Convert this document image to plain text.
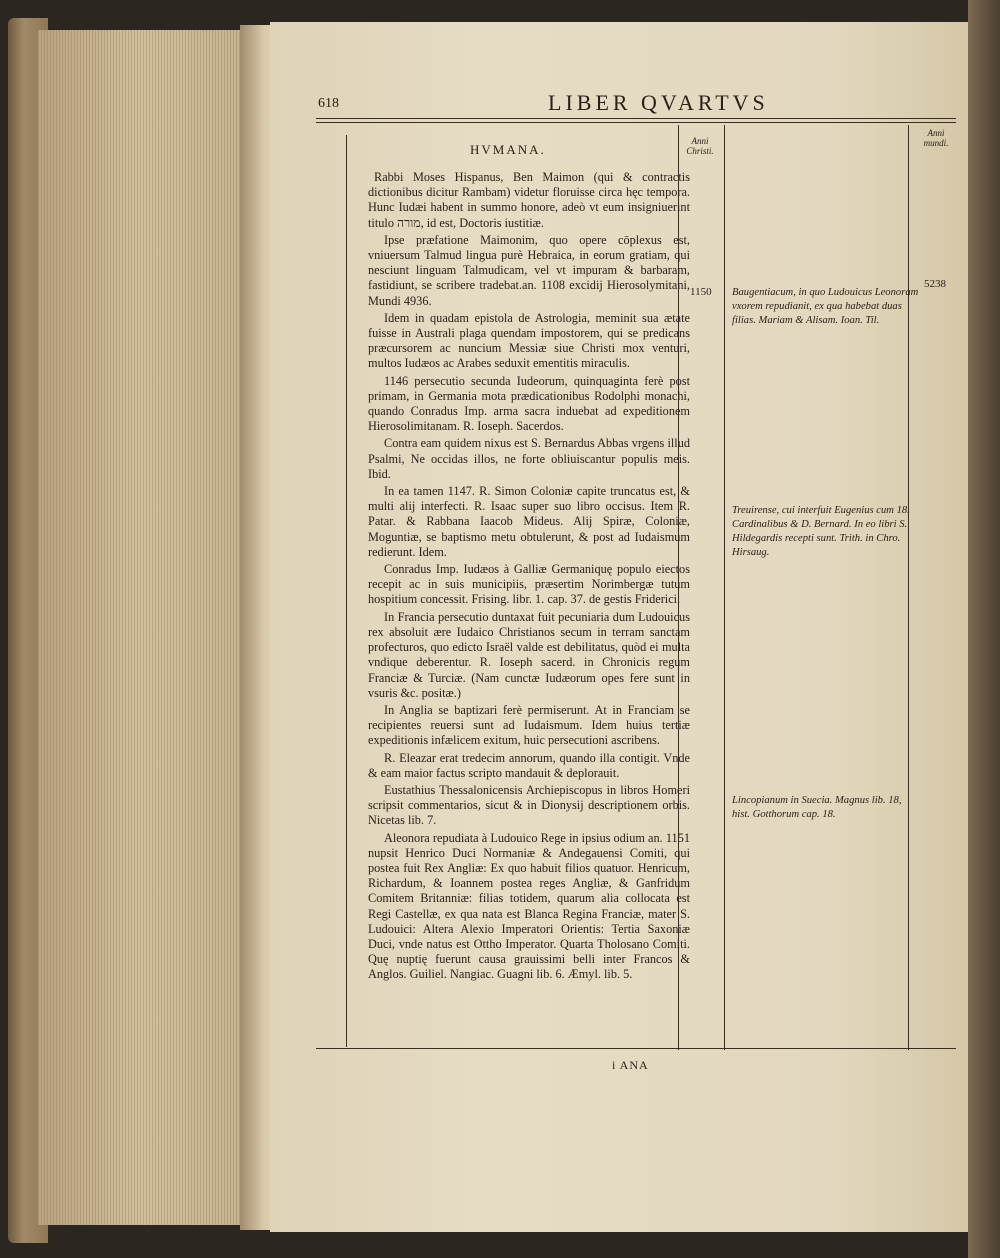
618	LIBER QVARTVS
HVMANA.
Anni Christi.
Anni mundi.
1150
5238

Rabbi Moses Hispanus, Ben Maimon (qui & contractis dictionibus dicitur Rambam) videtur floruisse circa hęc tempora. Hunc Iudæi habent in summo honore, adeò vt eum insigniuerint titulo מורה, id est, Doctoris iustitiæ.

Ipse præfatione Maimonim, quo opere cōplexus est, vniuersum Talmud lingua purè Hebraica, in eorum gratiam, qui nesciunt linguam Talmudicam, vel vt impuram & barbaram, fastidiunt, se scribere tradebat.an. 1108 excidij Hierosolymitani, Mundi 4936.

Idem in quadam epistola de Astrologia, meminit sua ætate fuisse in Australi plaga quendam impostorem, qui se predicans præcursorem ac nuncium Messiæ siue Christi mox venturi, multos Iudæos ac Arabes seduxit ementitis miraculis.

1146 persecutio secunda Iudeorum, quinquaginta ferè post primam, in Germania mota prædicationibus Rodolphi monachi, quando Conradus Imp. arma sacra induebat ad expeditionem Hierosolimitanam. R. Ioseph. Sacerdos.

Contra eam quidem nixus est S. Bernardus Abbas vrgens illud Psalmi, Ne occidas illos, ne forte obliuiscantur populis meis. Ibid.

In ea tamen 1147. R. Simon Coloniæ capite truncatus est, & multi alij interfecti. R. Isaac super suo libro occisus. Item R. Patar. & Rabbana Iaacob Mideus. Alij Spiræ, Coloniæ, Moguntiæ, se baptismo metu obtulerunt, & post ad Iudaismum redierunt. Idem.

Conradus Imp. Iudæos à Galliæ Germaniquę populo eiectos recepit ac in suis municipiis, præsertim Norimbergæ tutum hospitium concessit. Frising. libr. 1. cap. 37. de gestis Friderici.

In Francia persecutio duntaxat fuit pecuniaria dum Ludouicus rex absoluit ære Iudaico Christianos secum in terram sanctam profecturos, quo edicto Israël valde est debilitatus, quòd ei multa vndique deberentur. R. Ioseph sacerd. in Chronicis regum Franciæ & Turciæ. (Nam cunctæ Iudæorum opes fere sunt in vsuris &c. positæ.)

In Anglia se baptizari ferè permiserunt. At in Franciam se recipientes reuersi sunt ad Iudaismum. Idem huius tertiæ expeditionis infælicem exitum, huic persecutioni ascribens.

R. Eleazar erat tredecim annorum, quando illa contigit. Vnde & eam maior factus scripto mandauit & deplorauit.

Eustathius Thessalonicensis Archiepiscopus in libros Homeri scripsit commentarios, sicut & in Dionysij descriptionem orbis. Nicetas lib. 7.

Aleonora repudiata à Ludouico Rege in ipsius odium an. 1151 nupsit Henrico Duci Normaniæ & Andegauensi Comiti, qui postea fuit Rex Angliæ: Ex quo habuit filios quatuor. Henricum, Richardum, & Ioannem postea reges Angliæ, & Ganfridum Comitem Britanniæ: filias totidem, quarum alia collocata est Regi Castellæ, ex qua nata est Blanca Regina Franciæ, mater S. Ludouici: Altera Alexio Imperatori Orientis: Tertia Saxoniæ Duci, vnde natus est Ottho Imperator. Quarta Tholosano Comiti. Quę nuptię fuerunt causa grauissimi belli inter Francos & Anglos. Guiliel. Nangiac. Guagni lib. 6. Æmyl. lib. 5.

Baugentiacum, in quo Ludouicus Leonoram vxorem repudianit, ex qua habebat duas filias. Mariam & Alisam. Ioan. Til.
Treuirense, cui interfuit Eugenius cum 18. Cardinalibus & D. Bernard. In eo libri S. Hildegardis recepti sunt. Trith. in Chro. Hirsaug.
Lincopianum in Suecia. Magnus lib. 18, hist. Gotthorum cap. 18.
i ANA
